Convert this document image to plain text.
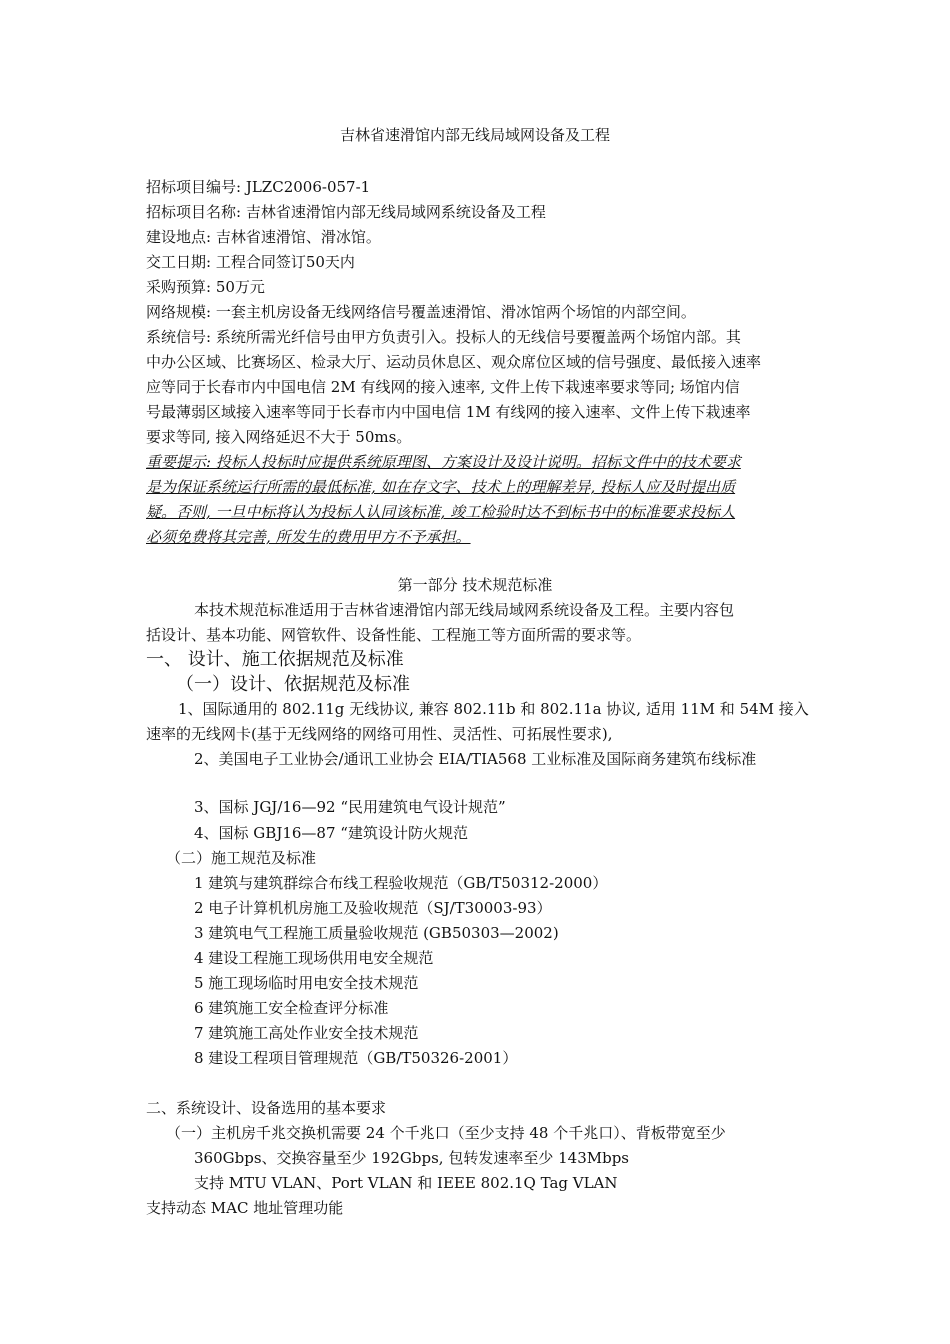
吉林省速滑馆内部无线局域网设备及工程
招标项目编号: JLZC2006-057-1
招标项目名称: 吉林省速滑馆内部无线局域网系统设备及工程
建设地点: 吉林省速滑馆、滑冰馆。
交工日期: 工程合同签订50天内
采购预算: 50万元
网络规模: 一套主机房设备无线网络信号覆盖速滑馆、滑冰馆两个场馆的内部空间。
系统信号: 系统所需光纤信号由甲方负责引入。投标人的无线信号要覆盖两个场馆内部。其
中办公区域、比赛场区、检录大厅、运动员休息区、观众席位区域的信号强度、最低接入速率
应等同于长春市内中国电信 2M 有线网的接入速率, 文件上传下栽速率要求等同; 场馆内信
号最薄弱区域接入速率等同于长春市内中国电信 1M 有线网的接入速率、文件上传下栽速率
要求等同, 接入网络延迟不大于 50ms。
重要提示: 投标人投标时应提供系统原理图、方案设计及设计说明。招标文件中的技术要求
是为保证系统运行所需的最低标准, 如在存文字、技术上的理解差异, 投标人应及时提出质
疑。否则, 一旦中标将认为投标人认同该标准, 竣工检验时达不到标书中的标准要求投标人
必须免费将其完善, 所发生的费用甲方不予承担。
第一部分 技术规范标准
本技术规范标准适用于吉林省速滑馆内部无线局域网系统设备及工程。主要内容包
括设计、基本功能、网管软件、设备性能、工程施工等方面所需的要求等。
一、 设计、施工依据规范及标准
（一）设计、依据规范及标准
1、国际通用的 802.11g 无线协议, 兼容 802.11b 和 802.11a 协议, 适用 11M 和 54M 接入
速率的无线网卡(基于无线网络的网络可用性、灵活性、可拓展性要求),
2、美国电子工业协会/通讯工业协会 EIA/TIA568 工业标准及国际商务建筑布线标准
3、国标 JGJ/16—92 “民用建筑电气设计规范”
4、国标 GBJ16—87 “建筑设计防火规范
（二）施工规范及标准
1 建筑与建筑群综合布线工程验收规范（GB/T50312-2000）
2 电子计算机机房施工及验收规范（SJ/T30003-93）
3 建筑电气工程施工质量验收规范 (GB50303—2002)
4 建设工程施工现场供用电安全规范
5 施工现场临时用电安全技术规范
6 建筑施工安全检查评分标准
7 建筑施工高处作业安全技术规范
8 建设工程项目管理规范（GB/T50326-2001）
二、系统设计、设备选用的基本要求
（一）主机房千兆交换机需要 24 个千兆口（至少支持 48 个千兆口）、背板带宽至少
360Gbps、交换容量至少 192Gbps, 包转发速率至少 143Mbps
支持 MTU VLAN、Port VLAN 和 IEEE 802.1Q Tag VLAN
支持动态 MAC 地址管理功能
